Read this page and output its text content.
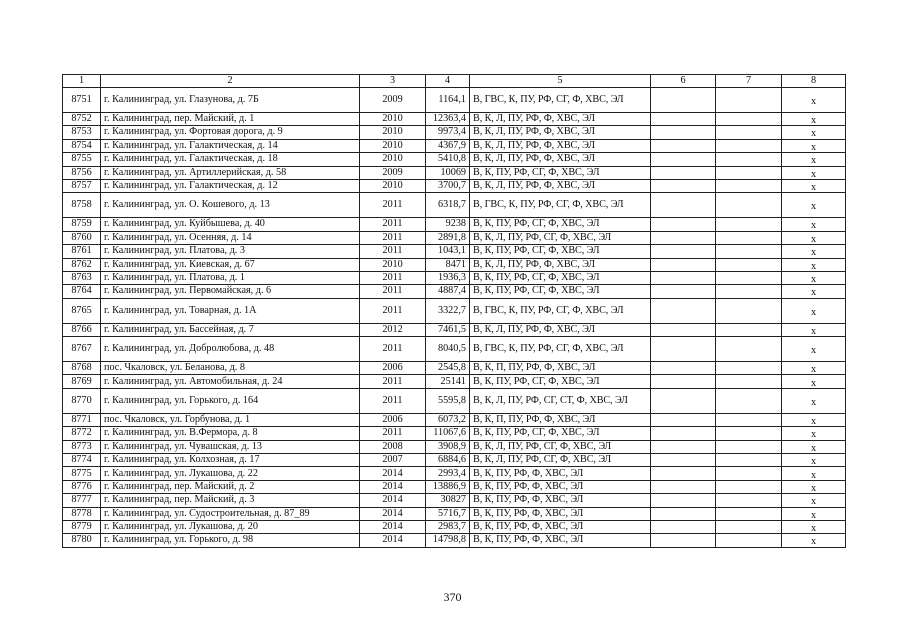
1	2	3	4	5	6	7	8
8751	г. Калининград, ул. Глазунова, д. 7Б	2009	1164,1	В, ГВС, К, ПУ, РФ, СГ, Ф, ХВС, ЭЛ			х
8752	г. Калининград, пер. Майский, д. 1	2010	12363,4	В, К, Л, ПУ, РФ, Ф, ХВС, ЭЛ			х
8753	г. Калининград, ул. Фортовая дорога, д. 9	2010	9973,4	В, К, Л, ПУ, РФ, Ф, ХВС, ЭЛ			х
8754	г. Калининград, ул. Галактическая, д. 14	2010	4367,9	В, К, Л, ПУ, РФ, Ф, ХВС, ЭЛ			х
8755	г. Калининград, ул. Галактическая, д. 18	2010	5410,8	В, К, Л, ПУ, РФ, Ф, ХВС, ЭЛ			х
8756	г. Калининград, ул. Артиллерийская, д. 58	2009	10069	В, К, ПУ, РФ, СГ, Ф, ХВС, ЭЛ			х
8757	г. Калининград, ул. Галактическая, д. 12	2010	3700,7	В, К, Л, ПУ, РФ, Ф, ХВС, ЭЛ			х
8758	г. Калининград, ул. О. Кошевого, д. 13	2011	6318,7	В, ГВС, К, ПУ, РФ, СГ, Ф, ХВС, ЭЛ			х
8759	г. Калининград, ул. Куйбышева, д. 40	2011	9238	В, К, ПУ, РФ, СГ, Ф, ХВС, ЭЛ			х
8760	г. Калининград, ул. Осенняя, д. 14	2011	2891,8	В, К, Л, ПУ, РФ, СГ, Ф, ХВС, ЭЛ			х
8761	г. Калининград, ул. Платова, д. 3	2011	1043,1	В, К, ПУ, РФ, СГ, Ф, ХВС, ЭЛ			х
8762	г. Калининград, ул. Киевская, д. 67	2010	8471	В, К, Л, ПУ, РФ, Ф, ХВС, ЭЛ			х
8763	г. Калининград, ул. Платова, д. 1	2011	1936,3	В, К, ПУ, РФ, СГ, Ф, ХВС, ЭЛ			х
8764	г. Калининград, ул. Первомайская, д. 6	2011	4887,4	В, К, ПУ, РФ, СГ, Ф, ХВС, ЭЛ			х
8765	г. Калининград, ул. Товарная, д. 1А	2011	3322,7	В, ГВС, К, ПУ, РФ, СГ, Ф, ХВС, ЭЛ			х
8766	г. Калининград, ул. Бассейная, д. 7	2012	7461,5	В, К, Л, ПУ, РФ, Ф, ХВС, ЭЛ			х
8767	г. Калининград, ул. Добролюбова, д. 48	2011	8040,5	В, ГВС, К, ПУ, РФ, СГ, Ф, ХВС, ЭЛ			х
8768	пос. Чкаловск, ул. Беланова, д. 8	2006	2545,8	В, К, П, ПУ, РФ, Ф, ХВС, ЭЛ			х
8769	г. Калининград, ул. Автомобильная, д. 24	2011	25141	В, К, ПУ, РФ, СГ, Ф, ХВС, ЭЛ			х
8770	г. Калининград, ул. Горького, д. 164	2011	5595,8	В, К, Л, ПУ, РФ, СГ, СТ, Ф, ХВС, ЭЛ			х
8771	пос. Чкаловск, ул. Горбунова, д. 1	2006	6073,2	В, К, П, ПУ, РФ, Ф, ХВС, ЭЛ			х
8772	г. Калининград, ул. В.Фермора, д. 8	2011	11067,6	В, К, ПУ, РФ, СГ, Ф, ХВС, ЭЛ			х
8773	г. Калининград, ул. Чувашская, д. 13	2008	3908,9	В, К, Л, ПУ, РФ, СГ, Ф, ХВС, ЭЛ			х
8774	г. Калининград, ул. Колхозная, д. 17	2007	6884,6	В, К, Л, ПУ, РФ, СГ, Ф, ХВС, ЭЛ			х
8775	г. Калининград, ул. Лукашова, д. 22	2014	2993,4	В, К, ПУ, РФ, Ф, ХВС, ЭЛ			х
8776	г. Калининград, пер. Майский, д. 2	2014	13886,9	В, К, ПУ, РФ, Ф, ХВС, ЭЛ			х
8777	г. Калининград, пер. Майский, д. 3	2014	30827	В, К, ПУ, РФ, Ф, ХВС, ЭЛ			х
8778	г. Калининград, ул. Судостроительная, д. 87_89	2014	5716,7	В, К, ПУ, РФ, Ф, ХВС, ЭЛ			х
8779	г. Калининград, ул. Лукашова, д. 20	2014	2983,7	В, К, ПУ, РФ, Ф, ХВС, ЭЛ			х
8780	г. Калининград, ул. Горького, д. 98	2014	14798,8	В, К, ПУ, РФ, Ф, ХВС, ЭЛ			х
370
